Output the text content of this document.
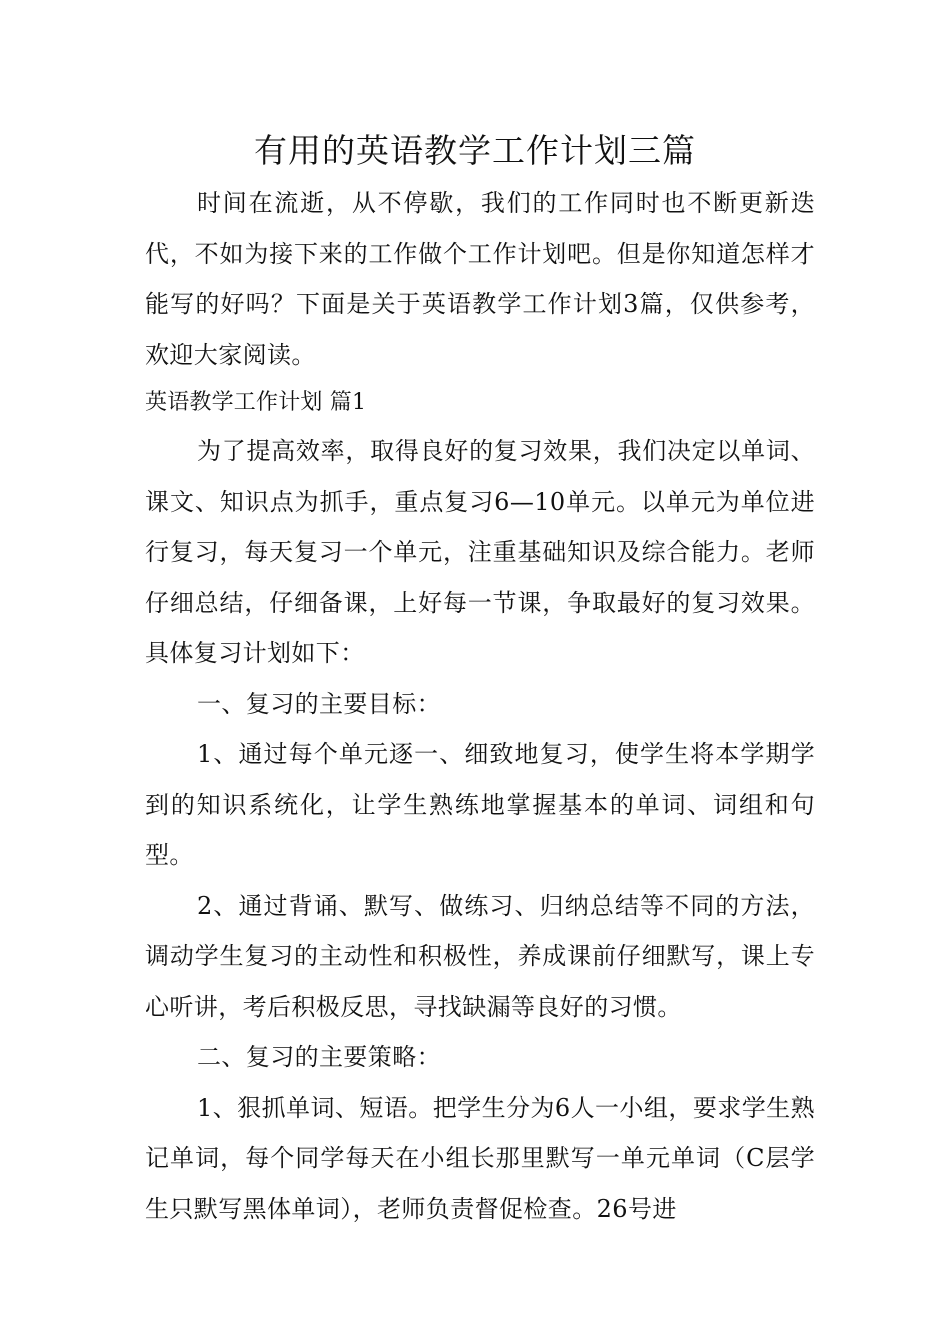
有用的英语教学工作计划三篇

时间在流逝，从不停歇，我们的工作同时也不断更新迭代，不如为接下来的工作做个工作计划吧。但是你知道怎样才能写的好吗？下面是关于英语教学工作计划3篇，仅供参考，欢迎大家阅读。

英语教学工作计划 篇1

为了提高效率，取得良好的复习效果，我们决定以单词、课文、知识点为抓手，重点复习6—10单元。以单元为单位进行复习，每天复习一个单元，注重基础知识及综合能力。老师仔细总结，仔细备课，上好每一节课，争取最好的复习效果。具体复习计划如下：

一、复习的主要目标：

1、通过每个单元逐一、细致地复习，使学生将本学期学到的知识系统化，让学生熟练地掌握基本的单词、词组和句型。

2、通过背诵、默写、做练习、归纳总结等不同的方法，调动学生复习的主动性和积极性，养成课前仔细默写，课上专心听讲，考后积极反思，寻找缺漏等良好的习惯。

二、复习的主要策略：

1、狠抓单词、短语。把学生分为6人一小组，要求学生熟记单词，每个同学每天在小组长那里默写一单元单词（C层学生只默写黑体单词），老师负责督促检查。26号进
